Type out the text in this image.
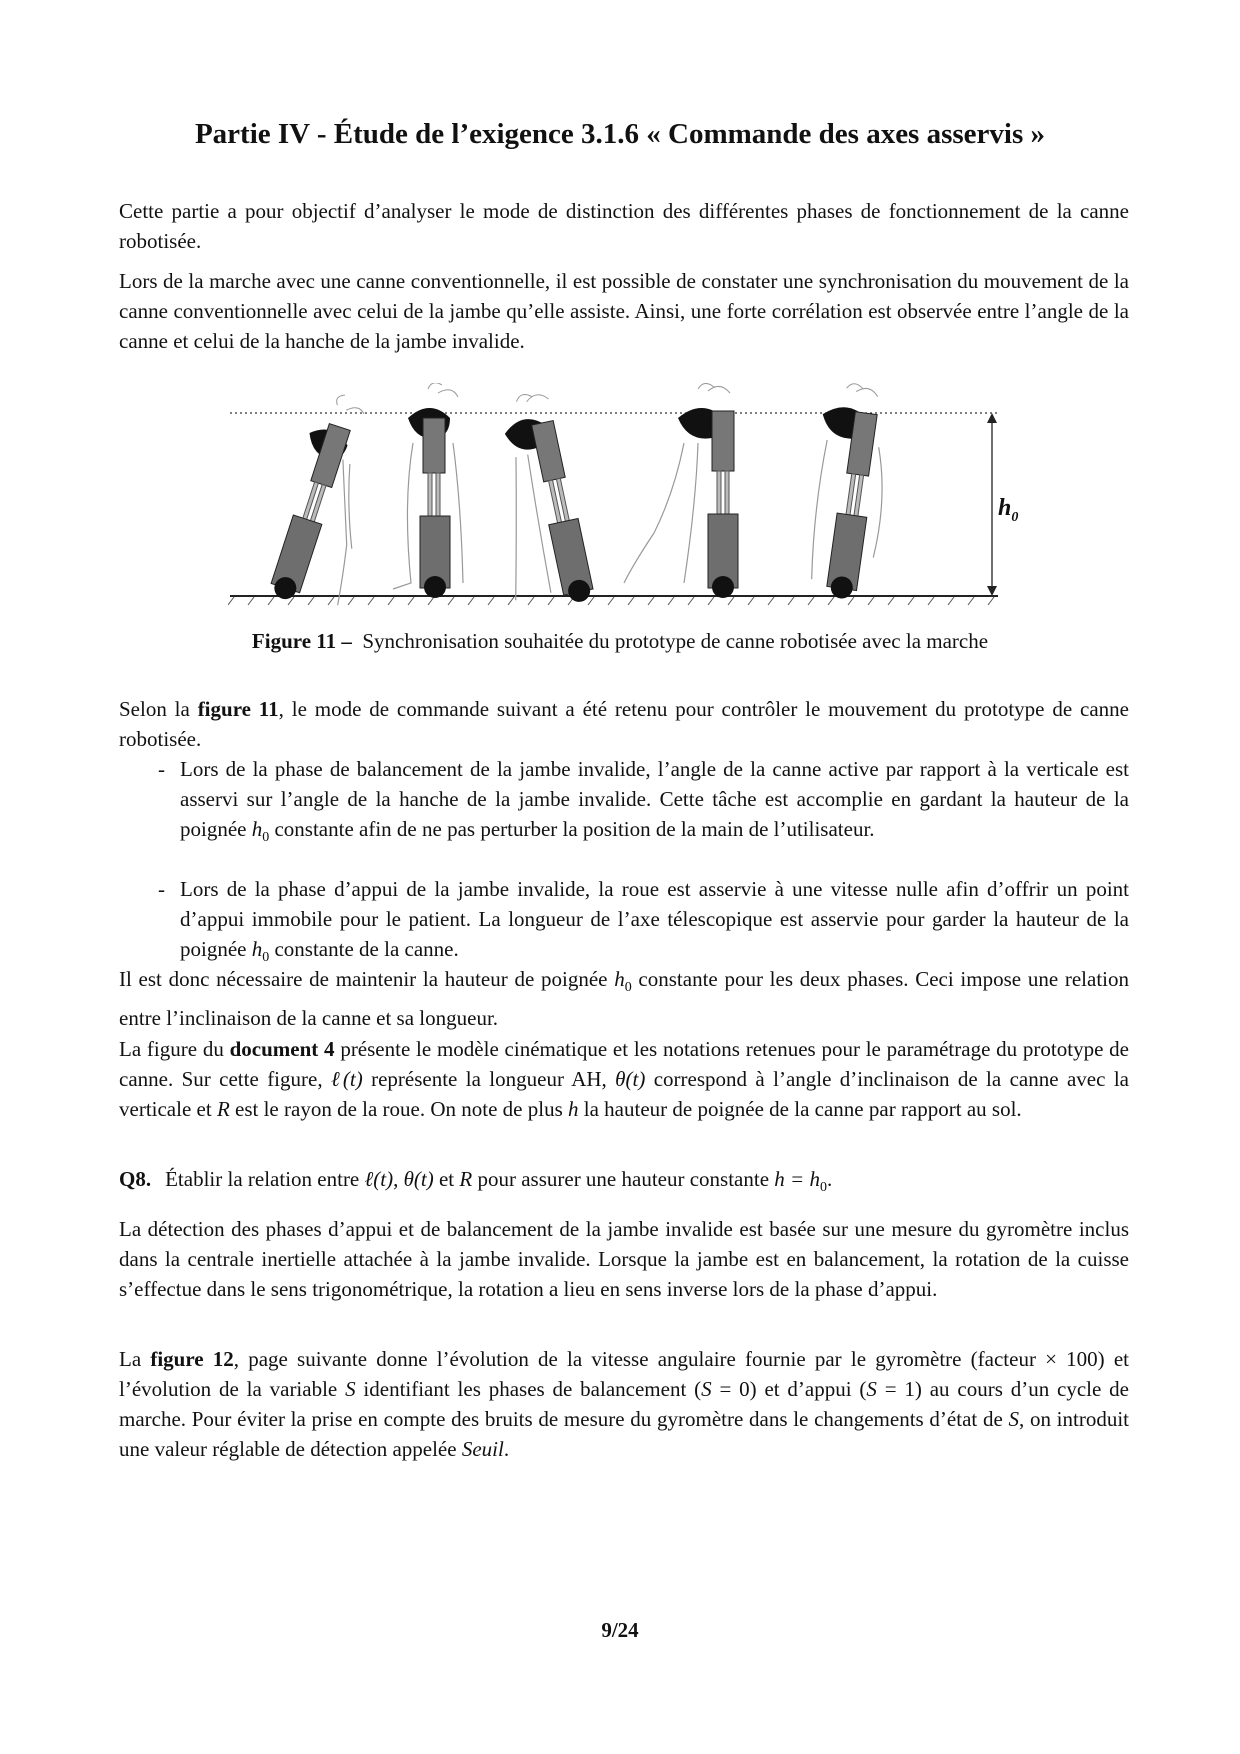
Partie IV - Étude de l’exigence 3.1.6 « Commande des axes asservis »

Cette partie a pour objectif d’analyser le mode de distinction des différentes phases de fonctionnement de la canne robotisée.

Lors de la marche avec une canne conventionnelle, il est possible de constater une synchronisation du mouvement de la canne conventionnelle avec celui de la jambe qu’elle assiste. Ainsi, une forte corrélation est observée entre l’angle de la canne et celui de la hanche de la jambe invalide.

$h_0$
Figure 11 – Synchronisation souhaitée du prototype de canne robotisée avec la marche

Selon la figure 11, le mode de commande suivant a été retenu pour contrôler le mouvement du prototype de canne robotisée.

- Lors de la phase de balancement de la jambe invalide, l’angle de la canne active par rapport à la verticale est asservi sur l’angle de la hanche de la jambe invalide. Cette tâche est accomplie en gardant la hauteur de la poignée $h_0$ constante afin de ne pas perturber la position de la main de l’utilisateur.
- Lors de la phase d’appui de la jambe invalide, la roue est asservie à une vitesse nulle afin d’offrir un point d’appui immobile pour le patient. La longueur de l’axe télescopique est asservie pour garder la hauteur de la poignée $h_0$ constante de la canne.

Il est donc nécessaire de maintenir la hauteur de poignée $h_0$ constante pour les deux phases. Ceci impose une relation entre l’inclinaison de la canne et sa longueur.

La figure du document 4 présente le modèle cinématique et les notations retenues pour le paramétrage du prototype de canne. Sur cette figure, ℓ(t) représente la longueur AH, θ(t) correspond à l’angle d’inclinaison de la canne avec la verticale et R est le rayon de la roue. On note de plus h la hauteur de poignée de la canne par rapport au sol.

Q8. Établir la relation entre ℓ(t), θ(t) et R pour assurer une hauteur constante $h = h_0$.

La détection des phases d’appui et de balancement de la jambe invalide est basée sur une mesure du gyromètre inclus dans la centrale inertielle attachée à la jambe invalide. Lorsque la jambe est en balancement, la rotation de la cuisse s’effectue dans le sens trigonométrique, la rotation a lieu en sens inverse lors de la phase d’appui.

La figure 12, page suivante donne l’évolution de la vitesse angulaire fournie par le gyromètre (facteur × 100) et l’évolution de la variable S identifiant les phases de balancement (S = 0) et d’appui (S = 1) au cours d’un cycle de marche. Pour éviter la prise en compte des bruits de mesure du gyromètre dans le changements d’état de S, on introduit une valeur réglable de détection appelée Seuil.

9/24
